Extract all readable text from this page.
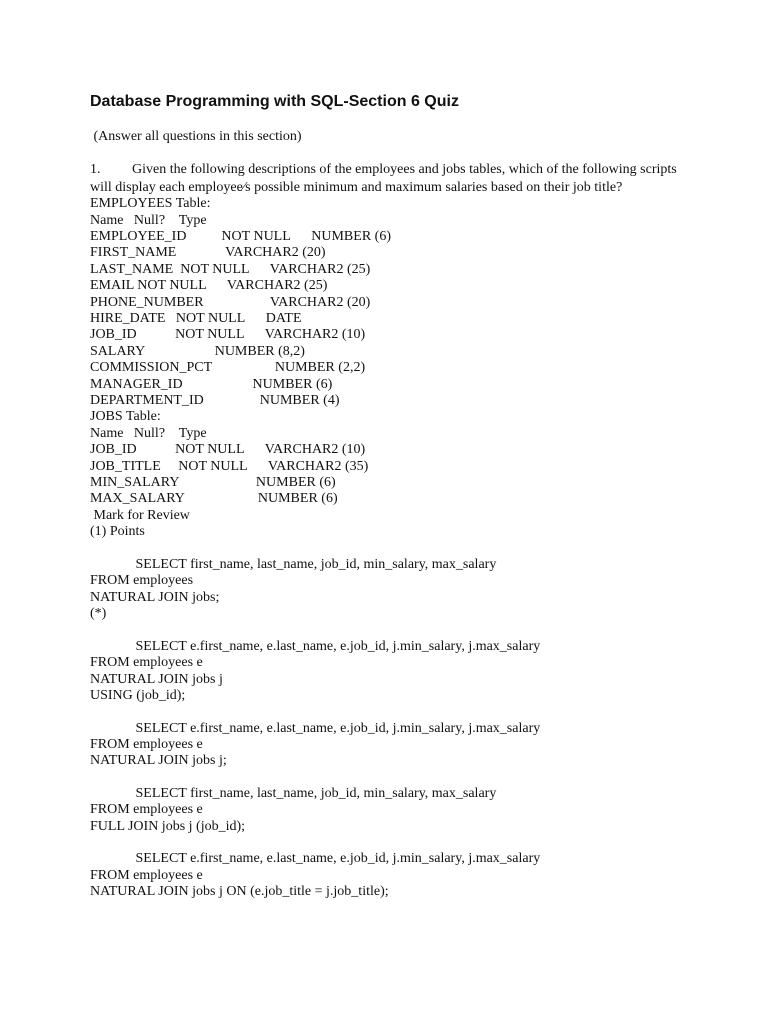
Database Programming with SQL-Section 6 Quiz
(Answer all questions in this section)
1. Given the following descriptions of the employees and jobs tables, which of the following scripts
will display each employee⁄s possible minimum and maximum salaries based on their job title?
EMPLOYEES Table:
Name   Null?    Type
EMPLOYEE_ID          NOT NULL      NUMBER (6)
FIRST_NAME              VARCHAR2 (20)
LAST_NAME  NOT NULL      VARCHAR2 (25)
EMAIL NOT NULL      VARCHAR2 (25)
PHONE_NUMBER                   VARCHAR2 (20)
HIRE_DATE   NOT NULL      DATE
JOB_ID           NOT NULL      VARCHAR2 (10)
SALARY                    NUMBER (8,2)
COMMISSION_PCT                  NUMBER (2,2)
MANAGER_ID                    NUMBER (6)
DEPARTMENT_ID                NUMBER (4)
JOBS Table:
Name   Null?    Type
JOB_ID           NOT NULL      VARCHAR2 (10)
JOB_TITLE     NOT NULL      VARCHAR2 (35)
MIN_SALARY                      NUMBER (6)
MAX_SALARY                     NUMBER (6)
Mark for Review
(1) Points
SELECT first_name, last_name, job_id, min_salary, max_salary
FROM employees
NATURAL JOIN jobs;
(*)
SELECT e.first_name, e.last_name, e.job_id, j.min_salary, j.max_salary
FROM employees e
NATURAL JOIN jobs j
USING (job_id);
SELECT e.first_name, e.last_name, e.job_id, j.min_salary, j.max_salary
FROM employees e
NATURAL JOIN jobs j;
SELECT first_name, last_name, job_id, min_salary, max_salary
FROM employees e
FULL JOIN jobs j (job_id);
SELECT e.first_name, e.last_name, e.job_id, j.min_salary, j.max_salary
FROM employees e
NATURAL JOIN jobs j ON (e.job_title = j.job_title);
